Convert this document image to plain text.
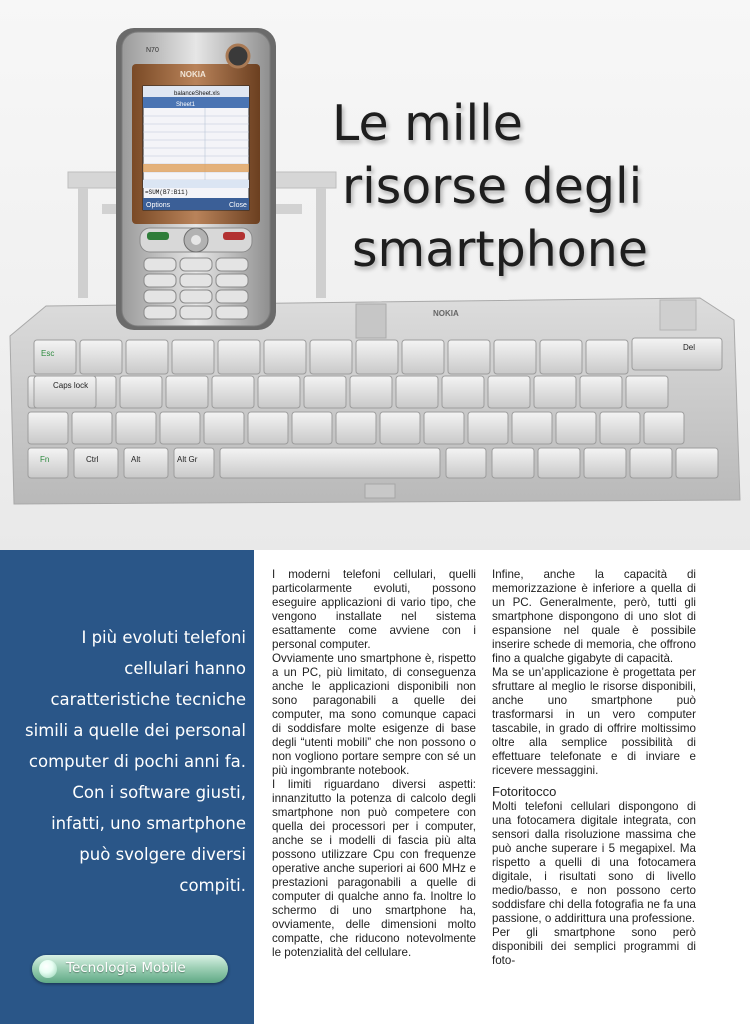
NOKIA
Esc
Del
Caps lock
Fn	Ctrl	Alt	Alt Gr
N70
NOKIA
balanceSheet.xls
Sheet1
=SUM(B7:B11)
Options	Close
Le mille
risorse degli
smartphone
I più evoluti telefoni cellulari hanno caratteristiche tecniche simili a quelle dei personal computer di pochi anni fa. Con i software giusti, infatti, uno smartphone può svolgere diversi compiti.
Tecnologia Mobile

I moderni telefoni cellulari, quelli particolarmente evoluti, possono eseguire applicazioni di vario tipo, che vengono installate nel sistema esattamente come avviene con i personal computer.

Ovviamente uno smartphone è, rispetto a un PC, più limitato, di conseguenza anche le applicazioni disponibili non sono paragonabili a quelle dei computer, ma sono comunque capaci di soddisfare molte esigenze di base degli “utenti mobili” che non possono o non vogliono portare sempre con sé un più ingombrante notebook.

I limiti riguardano diversi aspetti: innanzitutto la potenza di calcolo degli smartphone non può competere con quella dei processori per i computer, anche se i modelli di fascia più alta possono utilizzare Cpu con frequenze operative anche superiori ai 600 MHz e prestazioni paragonabili a quelle di computer di qualche anno fa. Inoltre lo schermo di uno smartphone ha, ovviamente, delle dimensioni molto compatte, che riducono notevolmente le potenzialità del cellulare.

Infine, anche la capacità di memorizzazione è inferiore a quella di un PC. Generalmente, però, tutti gli smartphone dispongono di uno slot di espansione nel quale è possibile inserire schede di memoria, che offrono fino a qualche gigabyte di capacità.

Ma se un’applicazione è progettata per sfruttare al meglio le risorse disponibili, anche uno smartphone può trasformarsi in un vero computer tascabile, in grado di offrire moltissimo oltre alla semplice possibilità di effettuare telefonate e di inviare e ricevere messaggini.

Fotoritocco

Molti telefoni cellulari dispongono di una fotocamera digitale integrata, con sensori dalla risoluzione massima che può anche superare i 5 megapixel. Ma rispetto a quelli di una fotocamera digitale, i risultati sono di livello medio/basso, e non possono certo soddisfare chi della fotografia ne fa una passione, o addirittura una professione.

Per gli smartphone sono però disponibili dei semplici programmi di foto-
